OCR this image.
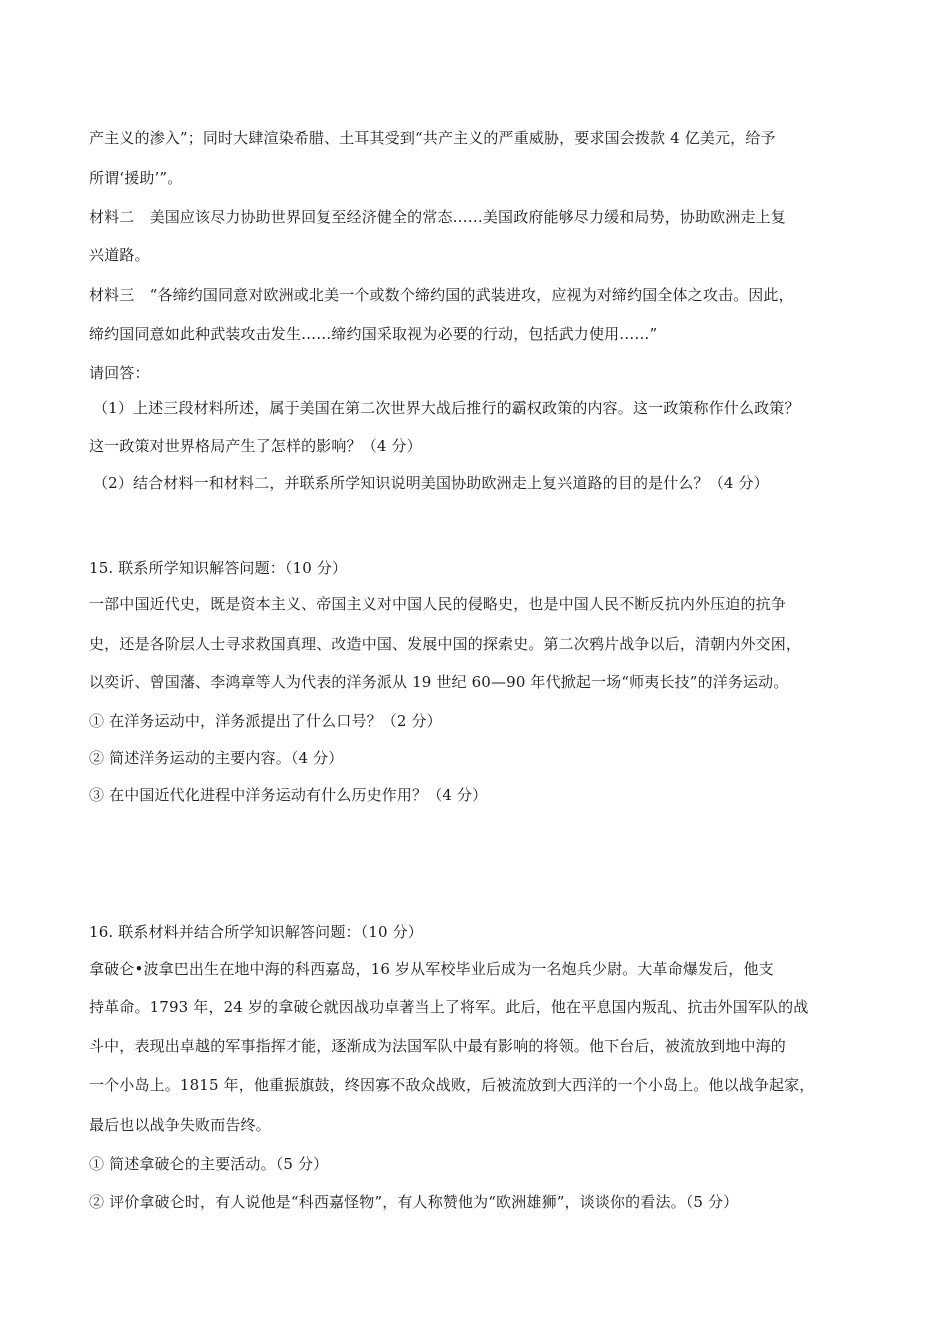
产主义的渗入”；同时大肆渲染希腊、土耳其受到“共产主义的严重威胁，要求国会拨款 4 亿美元，给予
所谓‘援助’”。
材料二　美国应该尽力协助世界回复至经济健全的常态……美国政府能够尽力缓和局势，协助欧洲走上复
兴道路。
材料三　“各缔约国同意对欧洲或北美一个或数个缔约国的武装进攻，应视为对缔约国全体之攻击。因此，
缔约国同意如此种武装攻击发生……缔约国采取视为必要的行动，包括武力使用……”
请回答：
（1）上述三段材料所述，属于美国在第二次世界大战后推行的霸权政策的内容。这一政策称作什么政策？
这一政策对世界格局产生了怎样的影响？（4 分）
（2）结合材料一和材料二，并联系所学知识说明美国协助欧洲走上复兴道路的目的是什么？（4 分）
15. 联系所学知识解答问题：（10 分）
一部中国近代史，既是资本主义、帝国主义对中国人民的侵略史，也是中国人民不断反抗内外压迫的抗争
史，还是各阶层人士寻求救国真理、改造中国、发展中国的探索史。第二次鸦片战争以后，清朝内外交困，
以奕䜣、曾国藩、李鸿章等人为代表的洋务派从 19 世纪 60—90 年代掀起一场“师夷长技”的洋务运动。
① 在洋务运动中，洋务派提出了什么口号？（2 分）
② 简述洋务运动的主要内容。（4 分）
③ 在中国近代化进程中洋务运动有什么历史作用？（4 分）
16. 联系材料并结合所学知识解答问题：（10 分）
拿破仑•波拿巴出生在地中海的科西嘉岛，16 岁从军校毕业后成为一名炮兵少尉。大革命爆发后，他支
持革命。1793 年，24 岁的拿破仑就因战功卓著当上了将军。此后，他在平息国内叛乱、抗击外国军队的战
斗中，表现出卓越的军事指挥才能，逐渐成为法国军队中最有影响的将领。他下台后，被流放到地中海的
一个小岛上。1815 年，他重振旗鼓，终因寡不敌众战败，后被流放到大西洋的一个小岛上。他以战争起家，
最后也以战争失败而告终。
① 简述拿破仑的主要活动。（5 分）
② 评价拿破仑时，有人说他是“科西嘉怪物”，有人称赞他为“欧洲雄狮”，谈谈你的看法。（5 分）
